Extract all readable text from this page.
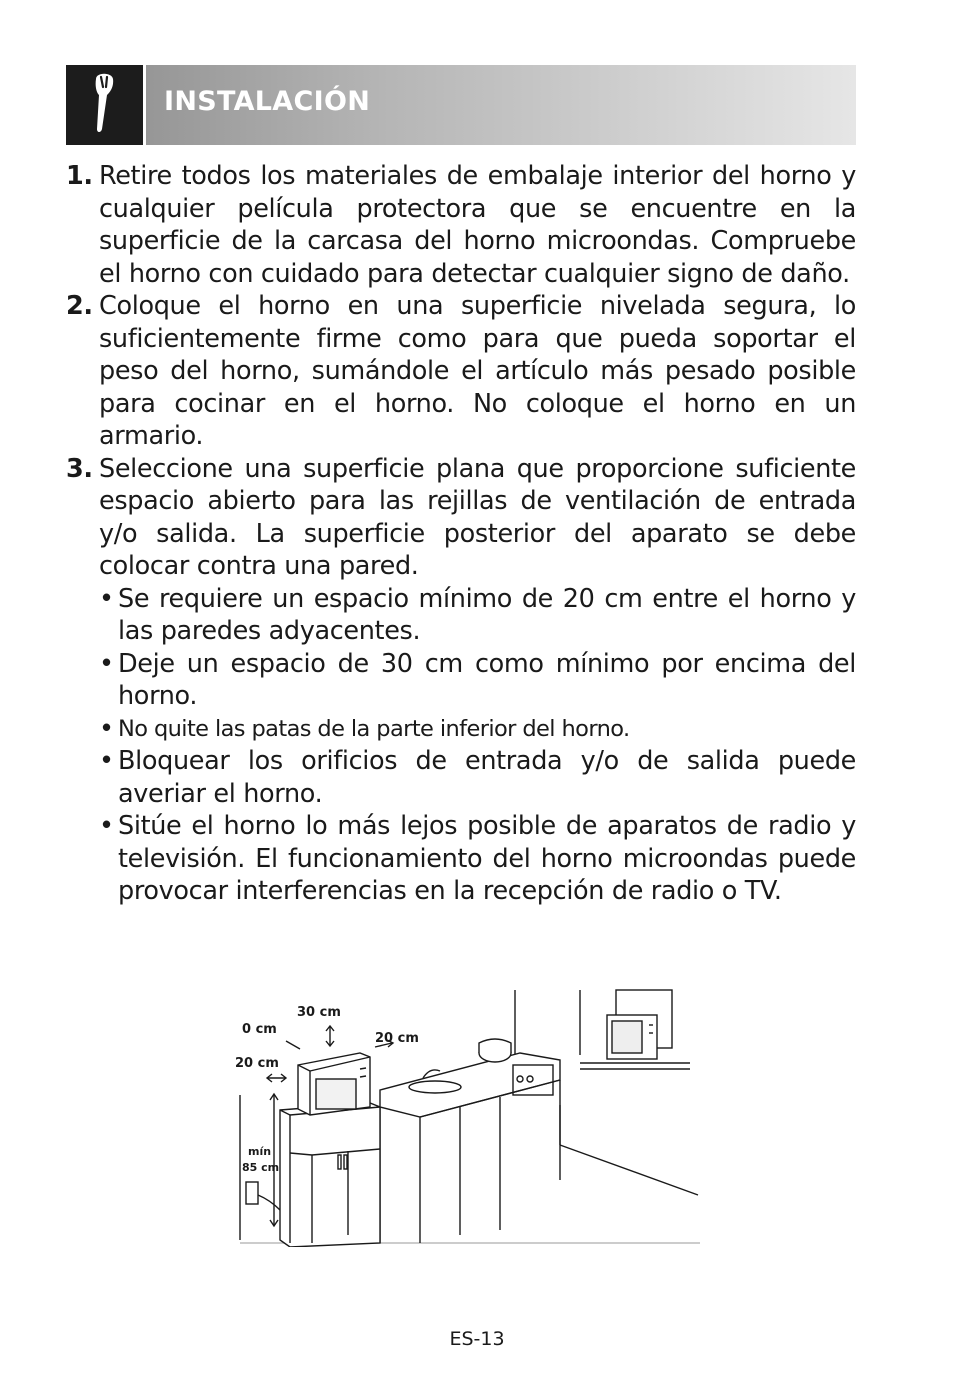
INSTALACIÓN
1. Retire todos los materiales de embalaje interior del horno y cualquier película protectora que se encuentre en la superficie de la carcasa del horno microondas. Compruebe el horno con cuidado para detectar cualquier signo de daño.
2. Coloque el horno en una superficie nivelada segura, lo suficientemente firme como para que pueda soportar el peso del horno, sumándole el artículo más pesado posible para cocinar en el horno. No coloque el horno en un armario.
3. Seleccione una superficie plana que proporcione suficiente espacio abierto para las rejillas de ventilación de entrada y/o salida. La superficie posterior del aparato se debe colocar contra una pared.
• Se requiere un espacio mínimo de 20 cm entre el horno y las paredes adyacentes.
• Deje un espacio de 30 cm como mínimo por encima del horno.
• No quite las patas de la parte inferior del horno.
• Bloquear los orificios de entrada y/o de salida puede averiar el horno.
• Sitúe el horno lo más lejos posible de aparatos de radio y televisión. El funcionamiento del horno microondas puede provocar interferencias en la recepción de radio o TV.
30 cm
0 cm
20 cm
20 cm
mín
85 cm
ES-13
